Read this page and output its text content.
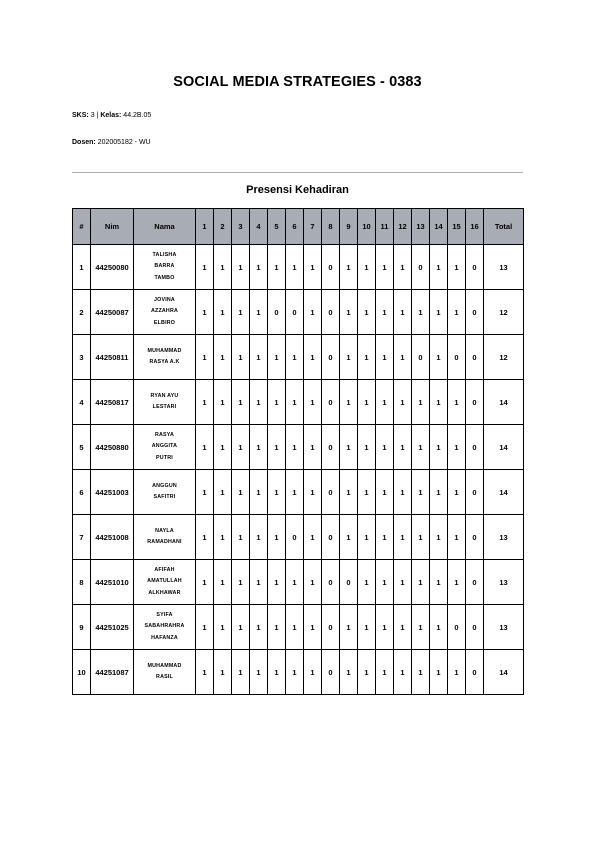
SOCIAL MEDIA STRATEGIES - 0383
SKS: 3 | Kelas: 44.2B.05
Dosen: 202005182 - WU
Presensi Kehadiran
#	Nim	Nama	1	2	3	4	5	6	7	8	9	10	11	12	13	14	15	16	Total
1	44250080	TALISHA
BARRA
TAMBO	1	1	1	1	1	1	1	0	1	1	1	1	0	1	1	0	13
2	44250087	JOVINA
AZZAHRA
ELBIRO	1	1	1	1	0	0	1	0	1	1	1	1	1	1	1	0	12
3	44250811	MUHAMMAD
RASYA A.K	1	1	1	1	1	1	1	0	1	1	1	1	0	1	0	0	12
4	44250817	RYAN AYU
LESTARI	1	1	1	1	1	1	1	0	1	1	1	1	1	1	1	0	14
5	44250880	RASYA
ANGGITA
PUTRI	1	1	1	1	1	1	1	0	1	1	1	1	1	1	1	0	14
6	44251003	ANGGUN
SAFITRI	1	1	1	1	1	1	1	0	1	1	1	1	1	1	1	0	14
7	44251008	NAYLA
RAMADHANI	1	1	1	1	1	0	1	0	1	1	1	1	1	1	1	0	13
8	44251010	AFIFAH
AMATULLAH
ALKHAWAR	1	1	1	1	1	1	1	0	0	1	1	1	1	1	1	0	13
9	44251025	SYIFA
SABAHRAHRA
HAFANZA	1	1	1	1	1	1	1	0	1	1	1	1	1	1	0	0	13
10	44251087	MUHAMMAD
RASIL	1	1	1	1	1	1	1	0	1	1	1	1	1	1	1	0	14
